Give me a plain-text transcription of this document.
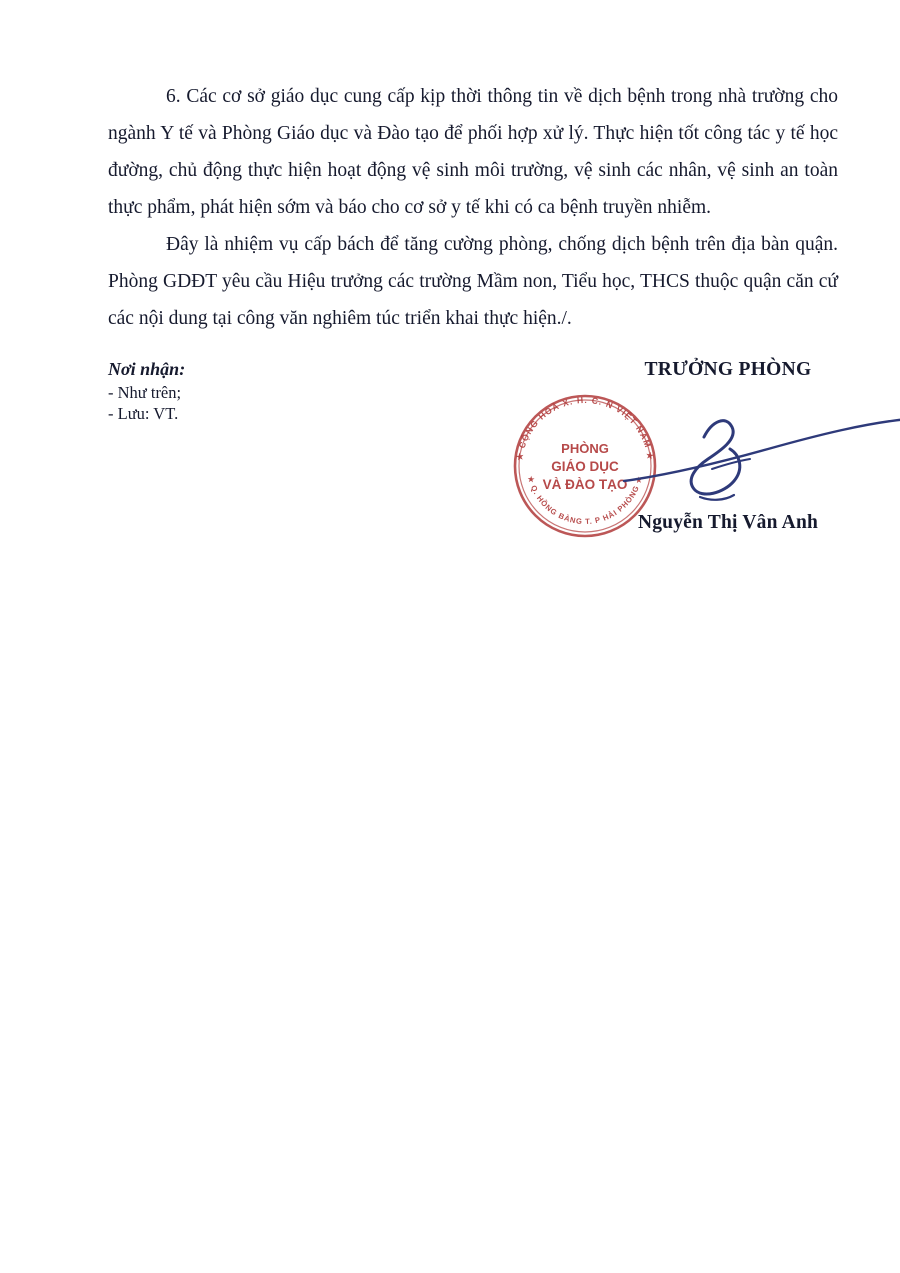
6. Các cơ sở giáo dục cung cấp kịp thời thông tin về dịch bệnh trong nhà trường cho ngành Y tế và Phòng Giáo dục và Đào tạo để phối hợp xử lý. Thực hiện tốt công tác y tế học đường, chủ động thực hiện hoạt động vệ sinh môi trường, vệ sinh các nhân, vệ sinh an toàn thực phẩm, phát hiện sớm và báo cho cơ sở y tế khi có ca bệnh truyền nhiễm.

Đây là nhiệm vụ cấp bách để tăng cường phòng, chống dịch bệnh trên địa bàn quận. Phòng GDĐT yêu cầu Hiệu trưởng các trường Mầm non, Tiểu học, THCS thuộc quận căn cứ các nội dung tại công văn nghiêm túc triển khai thực hiện./.

Nơi nhận:
- Như trên;
- Lưu: VT.
TRƯỞNG PHÒNG
Nguyễn Thị Vân Anh
★ CỘNG HOÀ X. H. C. N VIỆT NAM ★
★ Q. HỒNG BÀNG T. P HẢI PHÒNG ★
PHÒNG
GIÁO DỤC
VÀ ĐÀO TẠO
